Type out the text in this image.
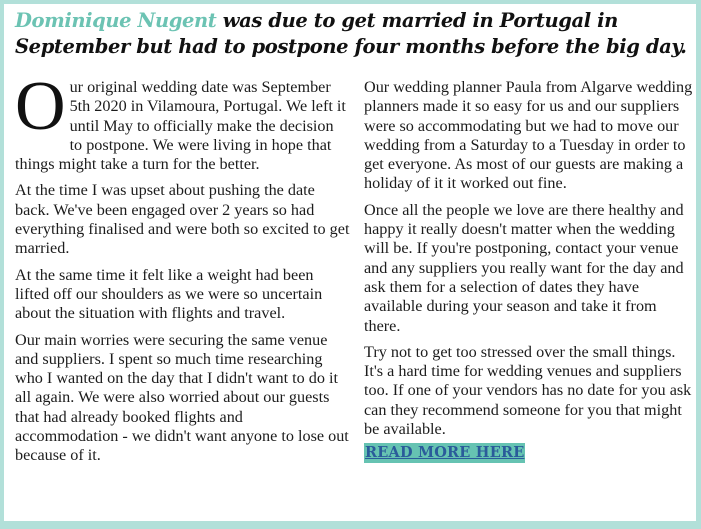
Dominique Nugent was due to get married in Portugal in September but had to postpone four months before the big day.

Our original wedding date was September 5th 2020 in Vilamoura, Portugal. We left it until May to officially make the decision to postpone. We were living in hope that things might take a turn for the better.

At the time I was upset about pushing the date back. We've been engaged over 2 years so had everything finalised and were both so excited to get married.

At the same time it felt like a weight had been lifted off our shoulders as we were so uncertain about the situation with flights and travel.

Our main worries were securing the same venue and suppliers. I spent so much time researching who I wanted on the day that I didn't want to do it all again. We were also worried about our guests that had already booked flights and accommodation - we didn't want anyone to lose out because of it.

Our wedding planner Paula from Algarve wedding planners made it so easy for us and our suppliers were so accommodating but we had to move our wedding from a Saturday to a Tuesday in order to get everyone. As most of our guests are making a holiday of it it worked out fine.

Once all the people we love are there healthy and happy it really doesn't matter when the wedding will be. If you're postponing, contact your venue and any suppliers you really want for the day and ask them for a selection of dates they have available during your season and take it from there.

Try not to get too stressed over the small things. It's a hard time for wedding venues and suppliers too. If one of your vendors has no date for you ask can they recommend someone for you that might be available.

READ MORE HERE
